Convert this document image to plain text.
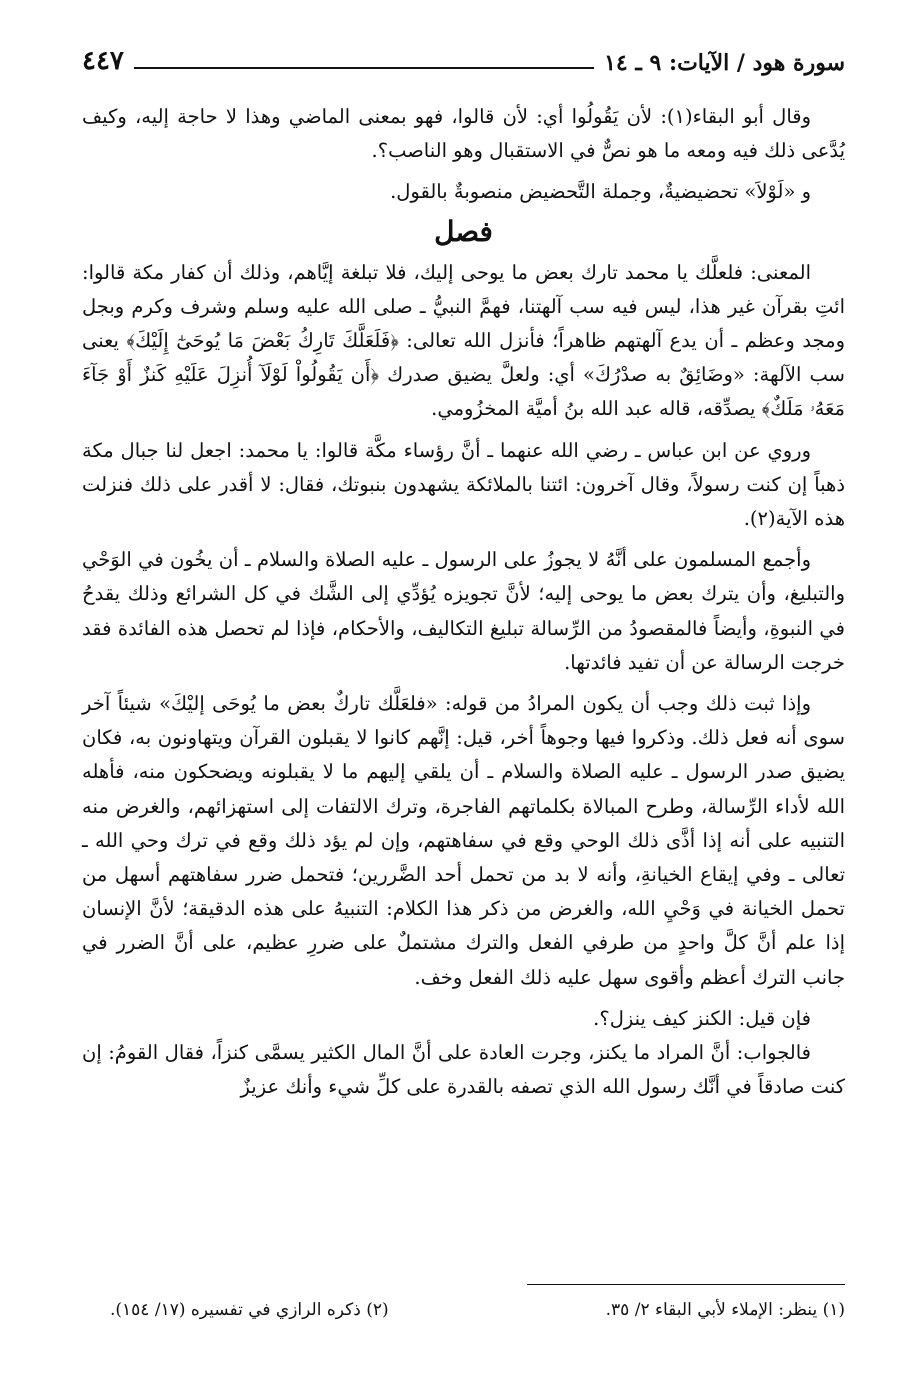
سورة هود / الآيات: ٩ ـ ١٤
٤٤٧

وقال أبو البقاء(١): لأن يَقُولُوا أي: لأن قالوا، فهو بمعنى الماضي وهذا لا حاجة إليه، وكيف يُدَّعى ذلك فيه ومعه ما هو نصٌّ في الاستقبال وهو الناصب؟.

و «لَوْلاَ» تحضيضيةٌ، وجملة التَّحضيض منصوبةٌ بالقول.

فصل

المعنى: فلعلَّك يا محمد تارك بعض ما يوحى إليك، فلا تبلغة إيَّاهم، وذلك أن كفار مكة قالوا: ائتِ بقرآن غير هذا، ليس فيه سب آلهتنا، فهمَّ النبيُّ ـ صلى الله عليه وسلم وشرف وكرم وبجل ومجد وعظم ـ أن يدع آلهتهم ظاهراً؛ فأنزل الله تعالى: ﴿فَلَعَلَّكَ تَارِكُ بَعْضَ مَا يُوحَىٰٓ إِلَيْكَ﴾ يعنى سب الآلهة: «وضَائِقٌ به صدْرُكَ» أي: ولعلَّ يضيق صدرك ﴿أَن يَقُولُواْ لَوْلَآ أُنزِلَ عَلَيْهِ كَنزٌ أَوْ جَآءَ مَعَهُۥ مَلَكٌ﴾ يصدِّقه، قاله عبد الله بنُ أميَّة المخزُومي.

وروي عن ابن عباس ـ رضي الله عنهما ـ أنَّ رؤساء مكَّة قالوا: يا محمد: اجعل لنا جبال مكة ذهباً إن كنت رسولاً، وقال آخرون: ائتنا بالملائكة يشهدون بنبوتك، فقال: لا أقدر على ذلك فنزلت هذه الآية(٢).

وأجمع المسلمون على أنَّهُ لا يجوزُ على الرسول ـ عليه الصلاة والسلام ـ أن يخُون في الوَحْي والتبليغ، وأن يترك بعض ما يوحى إليه؛ لأنَّ تجويزه يُؤدِّي إلى الشَّك في كل الشرائع وذلك يقدحُ في النبوةِ، وأيضاً فالمقصودُ من الرِّسالة تبليغ التكاليف، والأحكام، فإذا لم تحصل هذه الفائدة فقد خرجت الرسالة عن أن تفيد فائدتها.

وإذا ثبت ذلك وجب أن يكون المرادُ من قوله: «فلعَلَّك تاركٌ بعض ما يُوحَى إليْكَ» شيئاً آخر سوى أنه فعل ذلك. وذكروا فيها وجوهاً أخر، قيل: إنَّهم كانوا لا يقبلون القرآن ويتهاونون به، فكان يضيق صدر الرسول ـ عليه الصلاة والسلام ـ أن يلقي إليهم ما لا يقبلونه ويضحكون منه، فأهله الله لأداء الرِّسالة، وطرح المبالاة بكلماتهم الفاجرة، وترك الالتفات إلى استهزائهم، والغرض منه التنبيه على أنه إذا أذَّى ذلك الوحي وقع في سفاهتهم، وإن لم يؤد ذلك وقع في ترك وحي الله ـ تعالى ـ وفي إيقاع الخيانةِ، وأنه لا بد من تحمل أحد الضَّررين؛ فتحمل ضرر سفاهتهم أسهل من تحمل الخيانة في وَحْيِ الله، والغرض من ذكر هذا الكلام: التنبيهُ على هذه الدقيقة؛ لأنَّ الإنسان إذا علم أنَّ كلَّ واحدٍ من طرفي الفعل والترك مشتملٌ على ضررِ عظيم، على أنَّ الضرر في جانب الترك أعظم وأقوى سهل عليه ذلك الفعل وخف.

فإن قيل: الكنز كيف ينزل؟.

فالجواب: أنَّ المراد ما يكنز، وجرت العادة على أنَّ المال الكثير يسمَّى كنزاً، فقال القومُ: إن كنت صادقاً في أنَّك رسول الله الذي تصفه بالقدرة على كلِّ شيء وأنك عزيزٌ

(١) ينظر: الإملاء لأبي البقاء ٢/ ٣٥.
(٢) ذكره الرازي في تفسيره (١٧/ ١٥٤).
